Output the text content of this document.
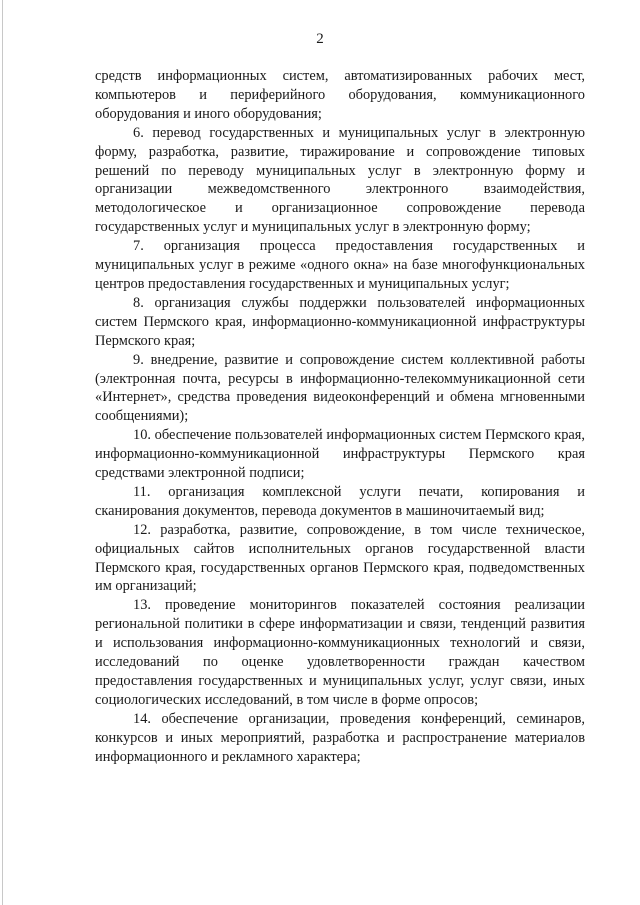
2

средств информационных систем, автоматизированных рабочих мест, компьютеров и периферийного оборудования, коммуникационного оборудования и иного оборудования;

6. перевод государственных и муниципальных услуг в электронную форму, разработка, развитие, тиражирование и сопровождение типовых решений по переводу муниципальных услуг в электронную форму и организации межведомственного электронного взаимодействия, методологическое и организационное сопровождение перевода государственных услуг и муниципальных услуг в электронную форму;

7. организация процесса предоставления государственных и муниципальных услуг в режиме «одного окна» на базе многофункциональных центров предоставления государственных и муниципальных услуг;

8. организация службы поддержки пользователей информационных систем Пермского края, информационно-коммуникационной инфраструктуры Пермского края;

9. внедрение, развитие и сопровождение систем коллективной работы (электронная почта, ресурсы в информационно-телекоммуникационной сети «Интернет», средства проведения видеоконференций и обмена мгновенными сообщениями);

10. обеспечение пользователей информационных систем Пермского края, информационно-коммуникационной инфраструктуры Пермского края средствами электронной подписи;

11. организация комплексной услуги печати, копирования и сканирования документов, перевода документов в машиночитаемый вид;

12. разработка, развитие, сопровождение, в том числе техническое, официальных сайтов исполнительных органов государственной власти Пермского края, государственных органов Пермского края, подведомственных им организаций;

13. проведение мониторингов показателей состояния реализации региональной политики в сфере информатизации и связи, тенденций развития и использования информационно-коммуникационных технологий и связи, исследований по оценке удовлетворенности граждан качеством предоставления государственных и муниципальных услуг, услуг связи, иных социологических исследований, в том числе в форме опросов;

14. обеспечение организации, проведения конференций, семинаров, конкурсов и иных мероприятий, разработка и распространение материалов информационного и рекламного характера;
